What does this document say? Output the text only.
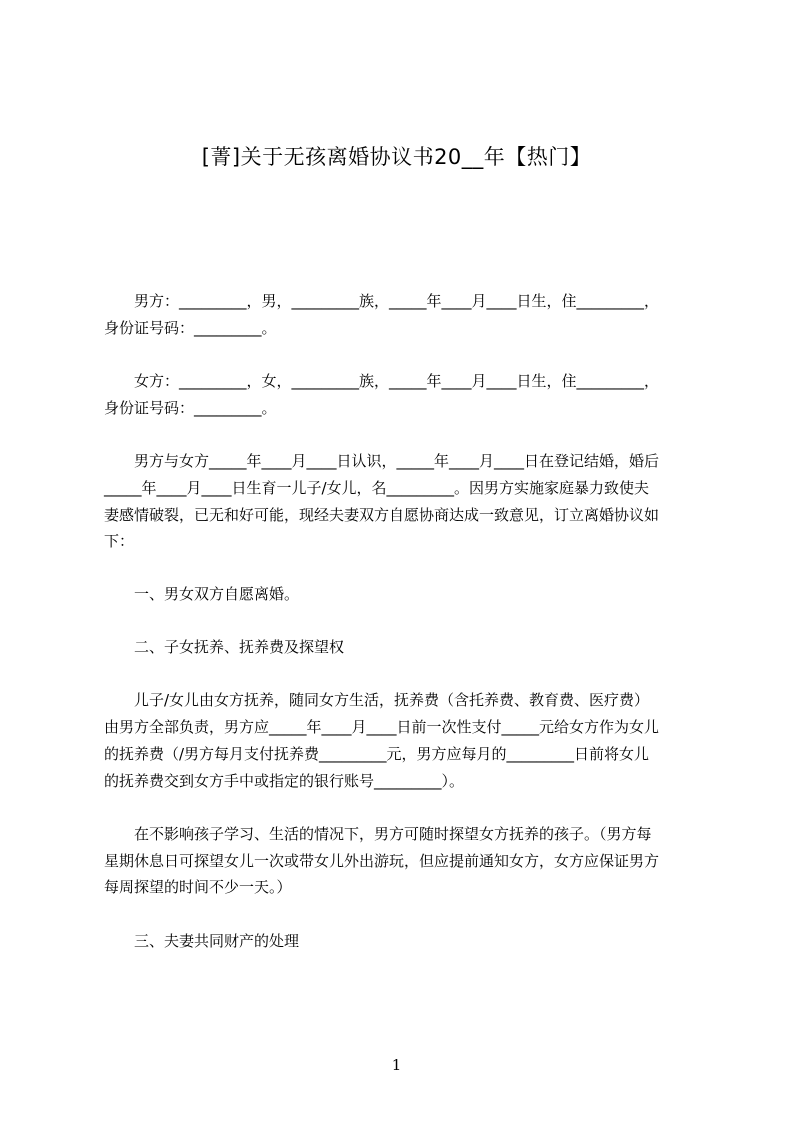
[菁]关于无孩离婚协议书20__年【热门】
　　男方：_________，男，_________族，_____年____月____日生，住_________，
身份证号码：_________。
　　女方：_________，女，_________族，_____年____月____日生，住_________，
身份证号码：_________。
　　男方与女方_____年____月____日认识，_____年____月____日在登记结婚，婚后
_____年____月____日生育一儿子/女儿，名_________。因男方实施家庭暴力致使夫
妻感情破裂，已无和好可能，现经夫妻双方自愿协商达成一致意见，订立离婚协议如
下：
　　一、男女双方自愿离婚。
　　二、子女抚养、抚养费及探望权
　　儿子/女儿由女方抚养，随同女方生活，抚养费（含托养费、教育费、医疗费）
由男方全部负责，男方应_____年____月____日前一次性支付_____元给女方作为女儿
的抚养费（/男方每月支付抚养费_________元，男方应每月的_________日前将女儿
的抚养费交到女方手中或指定的银行账号_________）。
　　在不影响孩子学习、生活的情况下，男方可随时探望女方抚养的孩子。（男方每
星期休息日可探望女儿一次或带女儿外出游玩，但应提前通知女方，女方应保证男方
每周探望的时间不少一天。）
　　三、夫妻共同财产的处理
1
